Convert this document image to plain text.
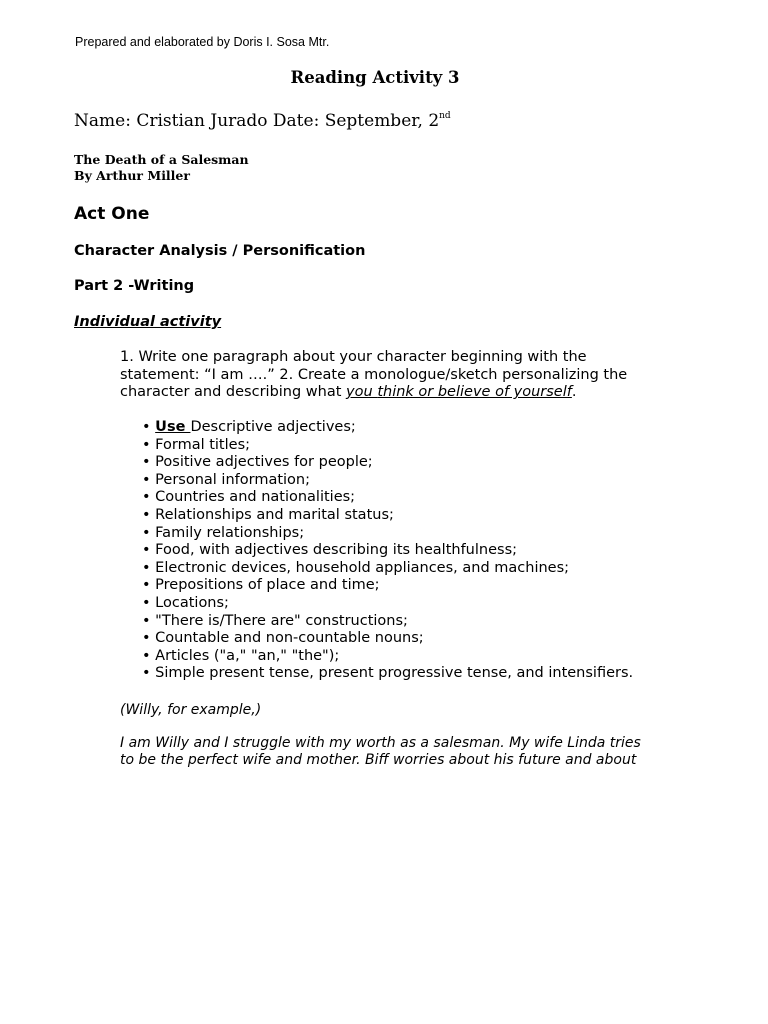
Prepared and elaborated by Doris I. Sosa Mtr.
Reading Activity 3
Name: Cristian Jurado Date: September, 2nd
The Death of a Salesman
By Arthur Miller
Act One
Character Analysis / Personification
Part 2 -Writing
Individual activity
1. Write one paragraph about your character beginning with the
statement: “I am ….” 2. Create a monologue/sketch personalizing the
character and describing what you think or believe of yourself.
• Use Descriptive adjectives;
• Formal titles;
• Positive adjectives for people;
• Personal information;
• Countries and nationalities;
• Relationships and marital status;
• Family relationships;
• Food, with adjectives describing its healthfulness;
• Electronic devices, household appliances, and machines;
• Prepositions of place and time;
• Locations;
• "There is/There are" constructions;
• Countable and non-countable nouns;
• Articles ("a," "an," "the");
• Simple present tense, present progressive tense, and intensifiers.
(Willy, for example,)
I am Willy and I struggle with my worth as a salesman. My wife Linda tries
to be the perfect wife and mother. Biff worries about his future and about
